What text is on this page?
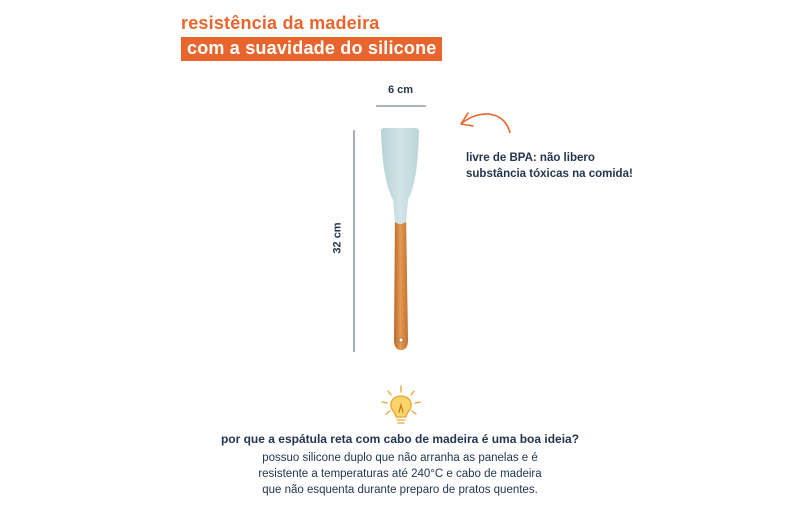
resistência da madeira
com a suavidade do silicone
6 cm
32 cm
livre de BPA: não libero
substância tóxicas na comida!
por que a espátula reta com cabo de madeira é uma boa ideia?
possuo silicone duplo que não arranha as panelas e é
resistente a temperaturas até 240°C e cabo de madeira
que não esquenta durante preparo de pratos quentes.
